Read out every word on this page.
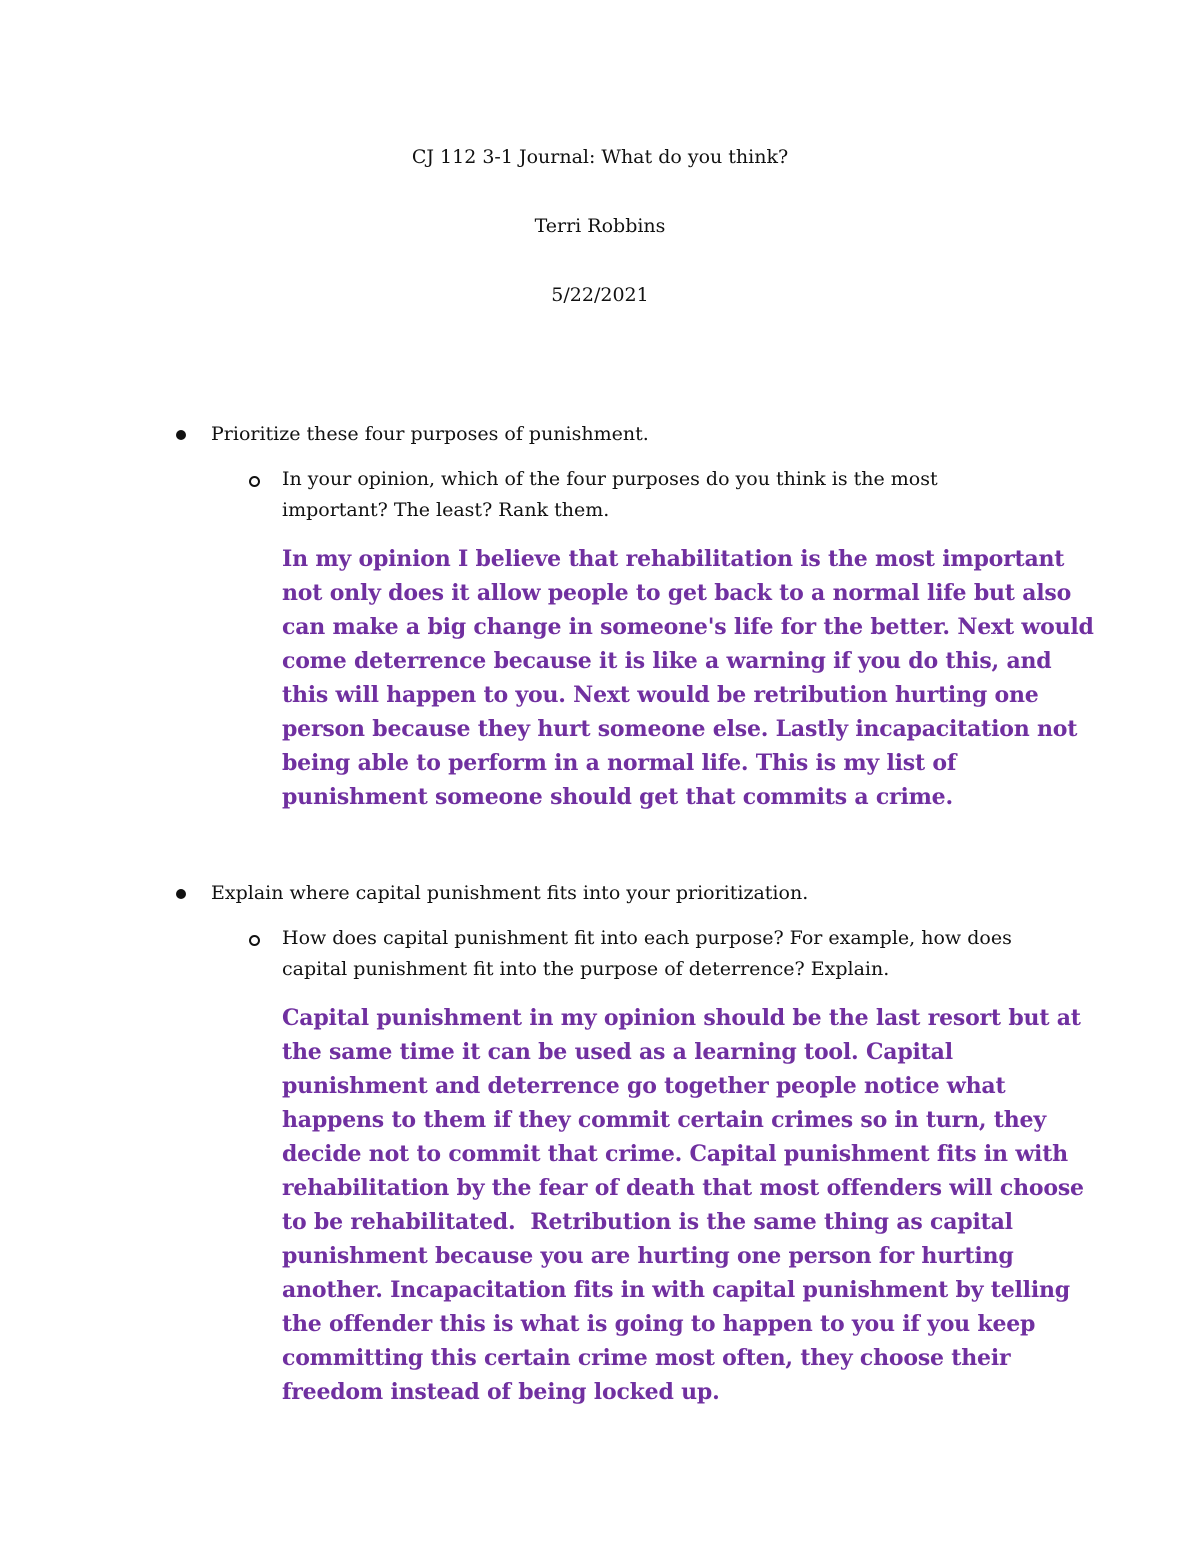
CJ 112 3-1 Journal: What do you think?
Terri Robbins
5/22/2021
Prioritize these four purposes of punishment.
In your opinion, which of the four purposes do you think is the most
important? The least? Rank them.
In my opinion I believe that rehabilitation is the most important
not only does it allow people to get back to a normal life but also
can make a big change in someone's life for the better. Next would
come deterrence because it is like a warning if you do this, and
this will happen to you. Next would be retribution hurting one
person because they hurt someone else. Lastly incapacitation not
being able to perform in a normal life. This is my list of
punishment someone should get that commits a crime.
Explain where capital punishment fits into your prioritization.
How does capital punishment fit into each purpose? For example, how does
capital punishment fit into the purpose of deterrence? Explain.
Capital punishment in my opinion should be the last resort but at
the same time it can be used as a learning tool. Capital
punishment and deterrence go together people notice what
happens to them if they commit certain crimes so in turn, they
decide not to commit that crime. Capital punishment fits in with
rehabilitation by the fear of death that most offenders will choose
to be rehabilitated.  Retribution is the same thing as capital
punishment because you are hurting one person for hurting
another. Incapacitation fits in with capital punishment by telling
the offender this is what is going to happen to you if you keep
committing this certain crime most often, they choose their
freedom instead of being locked up.
